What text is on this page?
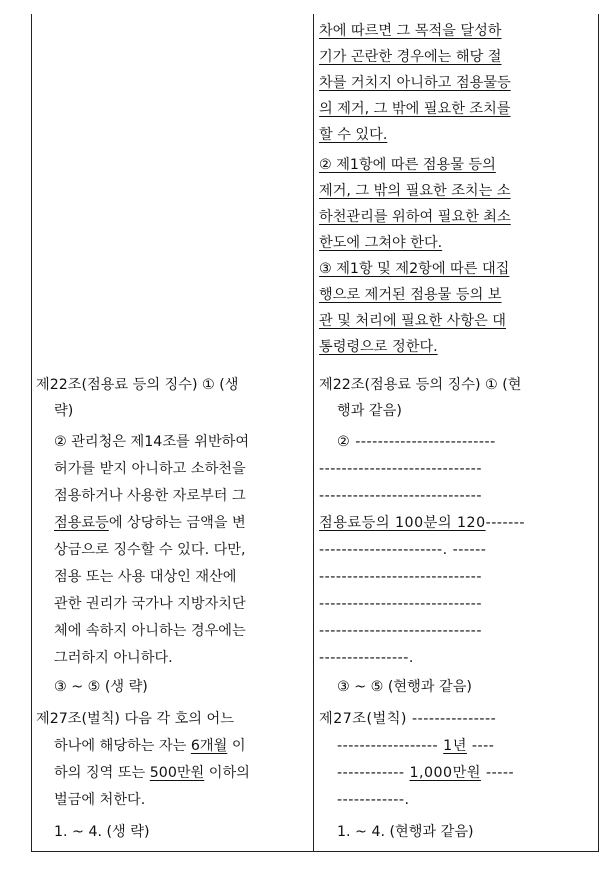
차에 따르면 그 목적을 달성하
기가 곤란한 경우에는 해당 절
차를 거치지 아니하고 점용물등
의 제거, 그 밖에 필요한 조치를
할 수 있다.
② 제1항에 따른 점용물 등의
제거, 그 밖의 필요한 조치는 소
하천관리를 위하여 필요한 최소
한도에 그쳐야 한다.
③ 제1항 및 제2항에 따른 대집
행으로 제거된 점용물 등의 보
관 및 처리에 필요한 사항은 대
통령령으로 정한다.
제22조(점용료 등의 징수) ① (생
략)
제22조(점용료 등의 징수) ① (현
행과 같음)
② 관리청은 제14조를 위반하여
허가를 받지 아니하고 소하천을
점용하거나 사용한 자로부터 그
점용료등에 상당하는 금액을 변
상금으로 징수할 수 있다. 다만,
점용 또는 사용 대상인 재산에
관한 권리가 국가나 지방자치단
체에 속하지 아니하는 경우에는
그러하지 아니하다.
② -------------------------
-----------------------------
-----------------------------
점용료등의 100분의 120-------
----------------------. ------
-----------------------------
-----------------------------
-----------------------------
----------------.
③ ~ ⑤ (생 략)	③ ~ ⑤ (현행과 같음)
제27조(벌칙) 다음 각 호의 어느
하나에 해당하는 자는 6개월 이
하의 징역 또는 500만원 이하의
벌금에 처한다.
1. ~ 4. (생 략)
제27조(벌칙) ---------------
------------------ 1년 ----
------------ 1,000만원 -----
------------.
1. ~ 4. (현행과 같음)
